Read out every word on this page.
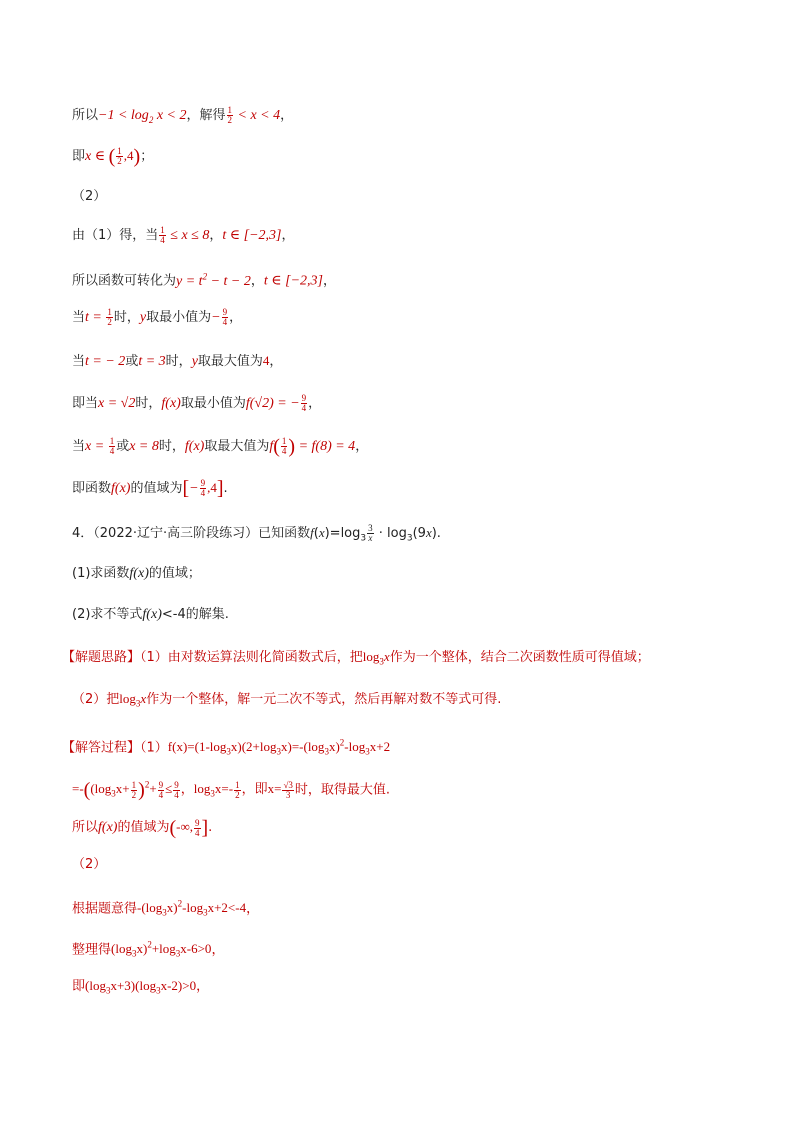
所以$-1 < \log_2 x < 2$，解得 $\frac{1}{2} < x < 4$，
即x ∈ ( $\frac{1}{2} ,4$)；
（2）
由（1）得，当 $\frac{1}{4} \le x \le 8$，t ∈ [−2,3]，
所以函数可转化为$y = t^2 - t - 2$，t ∈ [−2,3]，
当$t = \frac{1}{2}$ 时，y取最小值为− $\frac{9}{4}$ ，
当t = − 2或t = 3时，y取最大值为4，
即当x = √2时，f(x)取最小值为f(√2) = − $\frac{9}{4}$ ，
当$x = \frac{1}{4}$ 或x = 8时，f(x)取最大值为$f( \frac{1}{4}$ ) = f(8) = 4，
即函数f(x)的值域为[− $\frac{9}{4} ,4$].
4．（2022·辽宁·高三阶段练习）已知函数$f(x)=\log_3 \frac{3}{x} \cdot \log_3(9x)$.
(1)求函数f(x)的值域；
(2)求不等式f(x)<-4的解集.
【解题思路】（1）由对数运算法则化简函数式后，把$\log_3x$作为一个整体，结合二次函数性质可得值域；
（2）把$\log_3x$作为一个整体，解一元二次不等式，然后再解对数不等式可得.
【解答过程】$(1)f(x)=(1-\log_3x)(2+\log_3x)=-(\log_3x)^2-\log_3x+2$
$=-((\log_3x+ \frac{1}{2} )^2+ \frac{9}{4} \le \frac{9}{4}$ ，$\log_3x=- \frac{1}{2}$ ，即$x= \frac{√3}{3}$ 时，取得最大值.
所以f(x)的值域为(-∞, $\frac{9}{4}$ ].
（2）
根据题意得$-(\log_3x)^2-\log_3x+2<-4$，
整理得$(\log_3x)^2+\log_3x-6>0$，
即$(\log_3x+3)(\log_3x-2)>0$，
